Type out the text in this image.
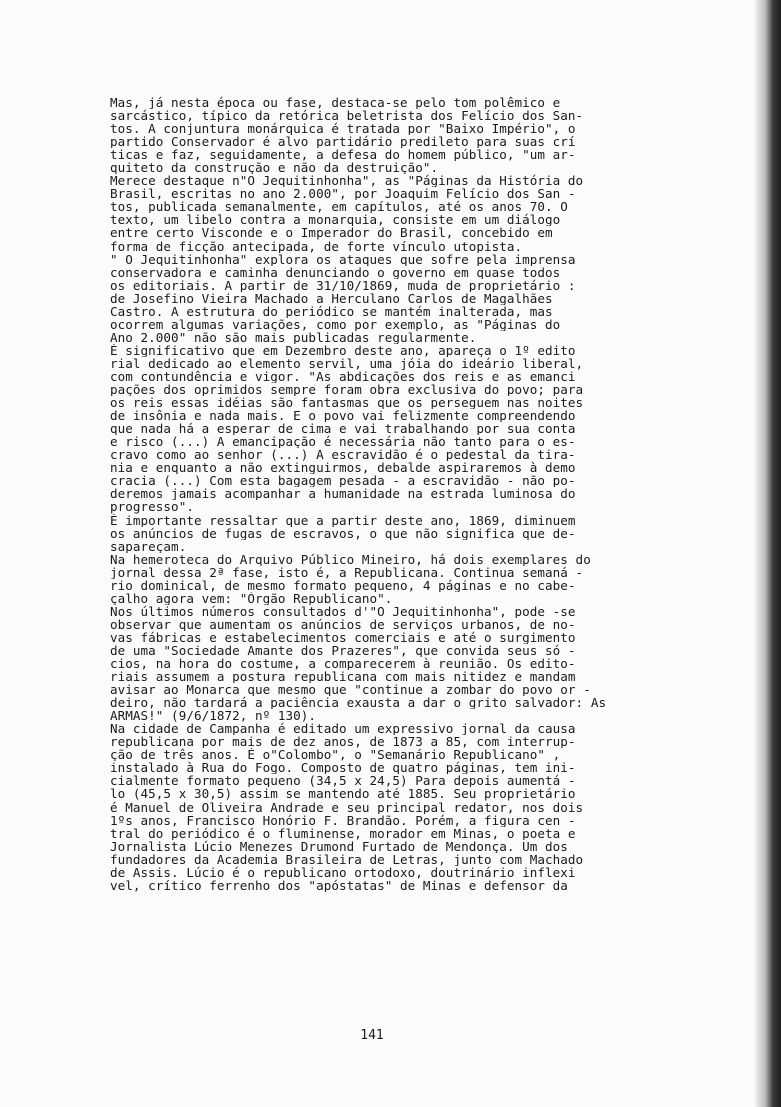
Mas, já nesta época ou fase, destaca-se pelo tom polêmico e

sarcástico, típico da retórica beletrista dos Felício dos San-

tos. A conjuntura monárquica é tratada por "Baixo Império", o

partido Conservador é alvo partidário predileto para suas crí

ticas e faz, seguidamente, a defesa do homem público, "um ar-

quiteto da construção e não da destruição".

Merece destaque n"O Jequitinhonha", as "Páginas da História do

Brasil, escritas no ano 2.000", por Joaquim Felício dos San -

tos, publicada semanalmente, em capítulos, até os anos 70. O

texto, um libelo contra a monarquia, consiste em um diálogo

entre certo Visconde e o Imperador do Brasil, concebido em

forma de ficção antecipada, de forte vínculo utopista.

" O Jequitinhonha" explora os ataques que sofre pela imprensa

conservadora e caminha denunciando o governo em quase todos

os editoriais. A partir de 31/10/1869, muda de proprietário :

de Josefino Vieira Machado a Herculano Carlos de Magalhães

Castro. A estrutura do periódico se mantém inalterada, mas

ocorrem algumas variações, como por exemplo, as "Páginas do

Ano 2.000" não são mais publicadas regularmente.

É significativo que em Dezembro deste ano, apareça o 1º edito

rial dedicado ao elemento servil, uma jóia do ideário liberal,

com contundência e vigor. "As abdicações dos reis e as emanci

pações dos oprimidos sempre foram obra exclusiva do povo; para

os reis essas idéias são fantasmas que os perseguem nas noites

de insônia e nada mais. E o povo vai felizmente compreendendo

que nada há a esperar de cima e vai trabalhando por sua conta

e risco (...) A emancipação é necessária não tanto para o es-

cravo como ao senhor (...) A escravidão é o pedestal da tira-

nia e enquanto a não extinguirmos, debalde aspiraremos à demo

cracia (...) Com esta bagagem pesada - a escravidão - não po-

deremos jamais acompanhar a humanidade na estrada luminosa do

progresso".

É importante ressaltar que a partir deste ano, 1869, diminuem

os anúncios de fugas de escravos, o que não significa que de-

sapareçam.

Na hemeroteca do Arquivo Público Mineiro, há dois exemplares do

jornal dessa 2ª fase, isto é, a Republicana. Continua semaná -

rio dominical, de mesmo formato pequeno, 4 páginas e no cabe-

çalho agora vem: "Órgão Republicano".

Nos últimos números consultados d'"O Jequitinhonha", pode -se

observar que aumentam os anúncios de serviços urbanos, de no-

vas fábricas e estabelecimentos comerciais e até o surgimento

de uma "Sociedade Amante dos Prazeres", que convida seus só -

cios, na hora do costume, a comparecerem à reunião. Os edito-

riais assumem a postura republicana com mais nitidez e mandam

avisar ao Monarca que mesmo que "continue a zombar do povo or -

deiro, não tardará a paciência exausta a dar o grito salvador: As

ARMAS!" (9/6/1872, nº 130).

Na cidade de Campanha é editado um expressivo jornal da causa

republicana por mais de dez anos, de 1873 a 85, com interrup-

ção de três anos. É o"Colombo", o "Semanário Republicano" ,

instalado à Rua do Fogo. Composto de quatro páginas, tem ini-

cialmente formato pequeno (34,5 x 24,5) Para depois aumentá -

lo (45,5 x 30,5) assim se mantendo até 1885. Seu proprietário

é Manuel de Oliveira Andrade e seu principal redator, nos dois

1ºs anos, Francisco Honório F. Brandão. Porém, a figura cen -

tral do periódico é o fluminense, morador em Minas, o poeta e

Jornalista Lúcio Menezes Drumond Furtado de Mendonça. Um dos

fundadores da Academia Brasileira de Letras, junto com Machado

de Assis. Lúcio é o republicano ortodoxo, doutrinário inflexi

vel, crítico ferrenho dos "apóstatas" de Minas e defensor da

141
